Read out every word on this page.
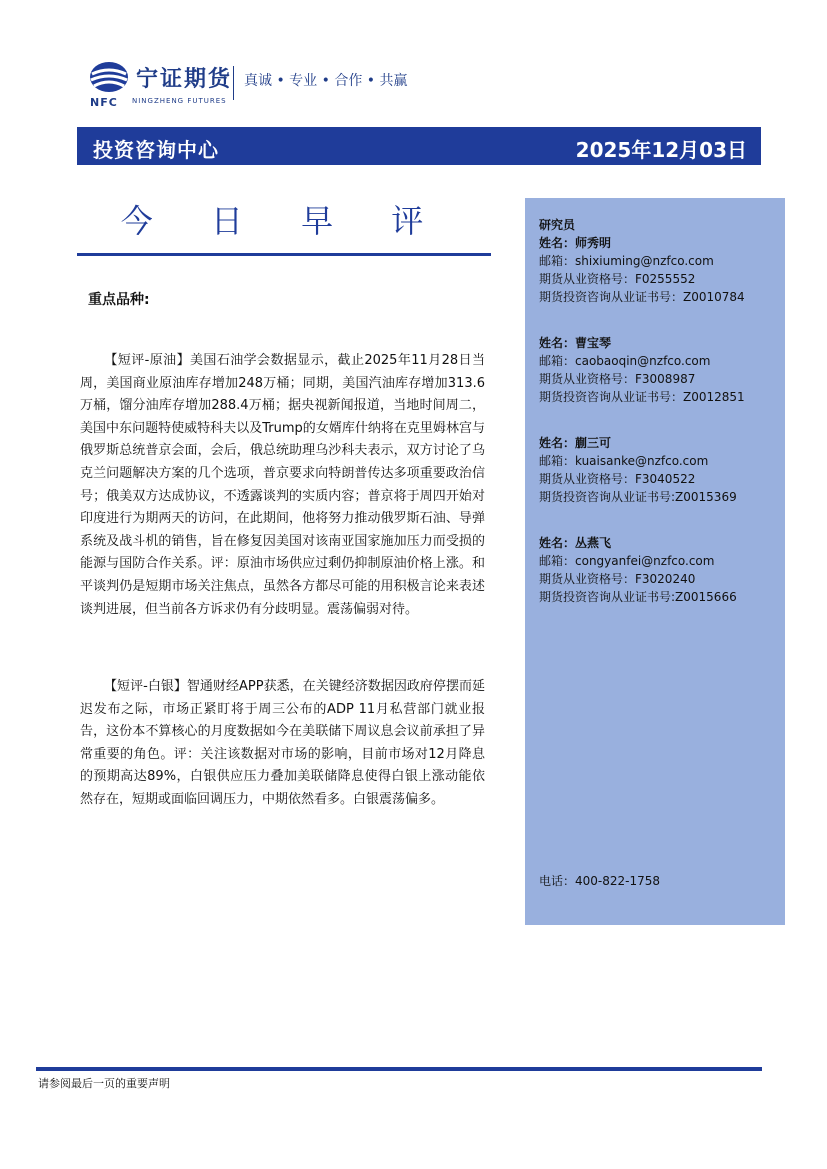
宁证期货
NFC NINGZHENG FUTURES
真诚 • 专业 • 合作 • 共赢
投资咨询中心	2025年12月03日
今 日 早 评
重点品种:
【短评-原油】美国石油学会数据显示，截止2025年11月28日当周，美国商业原油库存增加248万桶；同期，美国汽油库存增加313.6万桶，馏分油库存增加288.4万桶；据央视新闻报道，当地时间周二，美国中东问题特使威特科夫以及Trump的女婿库什纳将在克里姆林宫与俄罗斯总统普京会面，会后，俄总统助理乌沙科夫表示，双方讨论了乌克兰问题解决方案的几个选项，普京要求向特朗普传达多项重要政治信号；俄美双方达成协议，不透露谈判的实质内容；普京将于周四开始对印度进行为期两天的访问，在此期间，他将努力推动俄罗斯石油、导弹系统及战斗机的销售，旨在修复因美国对该南亚国家施加压力而受损的能源与国防合作关系。评：原油市场供应过剩仍抑制原油价格上涨。和平谈判仍是短期市场关注焦点，虽然各方都尽可能的用积极言论来表述谈判进展，但当前各方诉求仍有分歧明显。震荡偏弱对待。
【短评-白银】智通财经APP获悉，在关键经济数据因政府停摆而延迟发布之际，市场正紧盯将于周三公布的ADP 11月私营部门就业报告，这份本不算核心的月度数据如今在美联储下周议息会议前承担了异常重要的角色。评：关注该数据对市场的影响，目前市场对12月降息的预期高达89%，白银供应压力叠加美联储降息使得白银上涨动能依然存在，短期或面临回调压力，中期依然看多。白银震荡偏多。
研究员
姓名：师秀明
邮箱：shixiuming@nzfco.com
期货从业资格号：F0255552
期货投资咨询从业证书号：Z0010784
姓名：曹宝琴
邮箱：caobaoqin@nzfco.com
期货从业资格号：F3008987
期货投资咨询从业证书号：Z0012851
姓名：蒯三可
邮箱：kuaisanke@nzfco.com
期货从业资格号：F3040522
期货投资咨询从业证书号:Z0015369
姓名：丛燕飞
邮箱：congyanfei@nzfco.com
期货从业资格号：F3020240
期货投资咨询从业证书号:Z0015666
电话：400-822-1758
请参阅最后一页的重要声明
